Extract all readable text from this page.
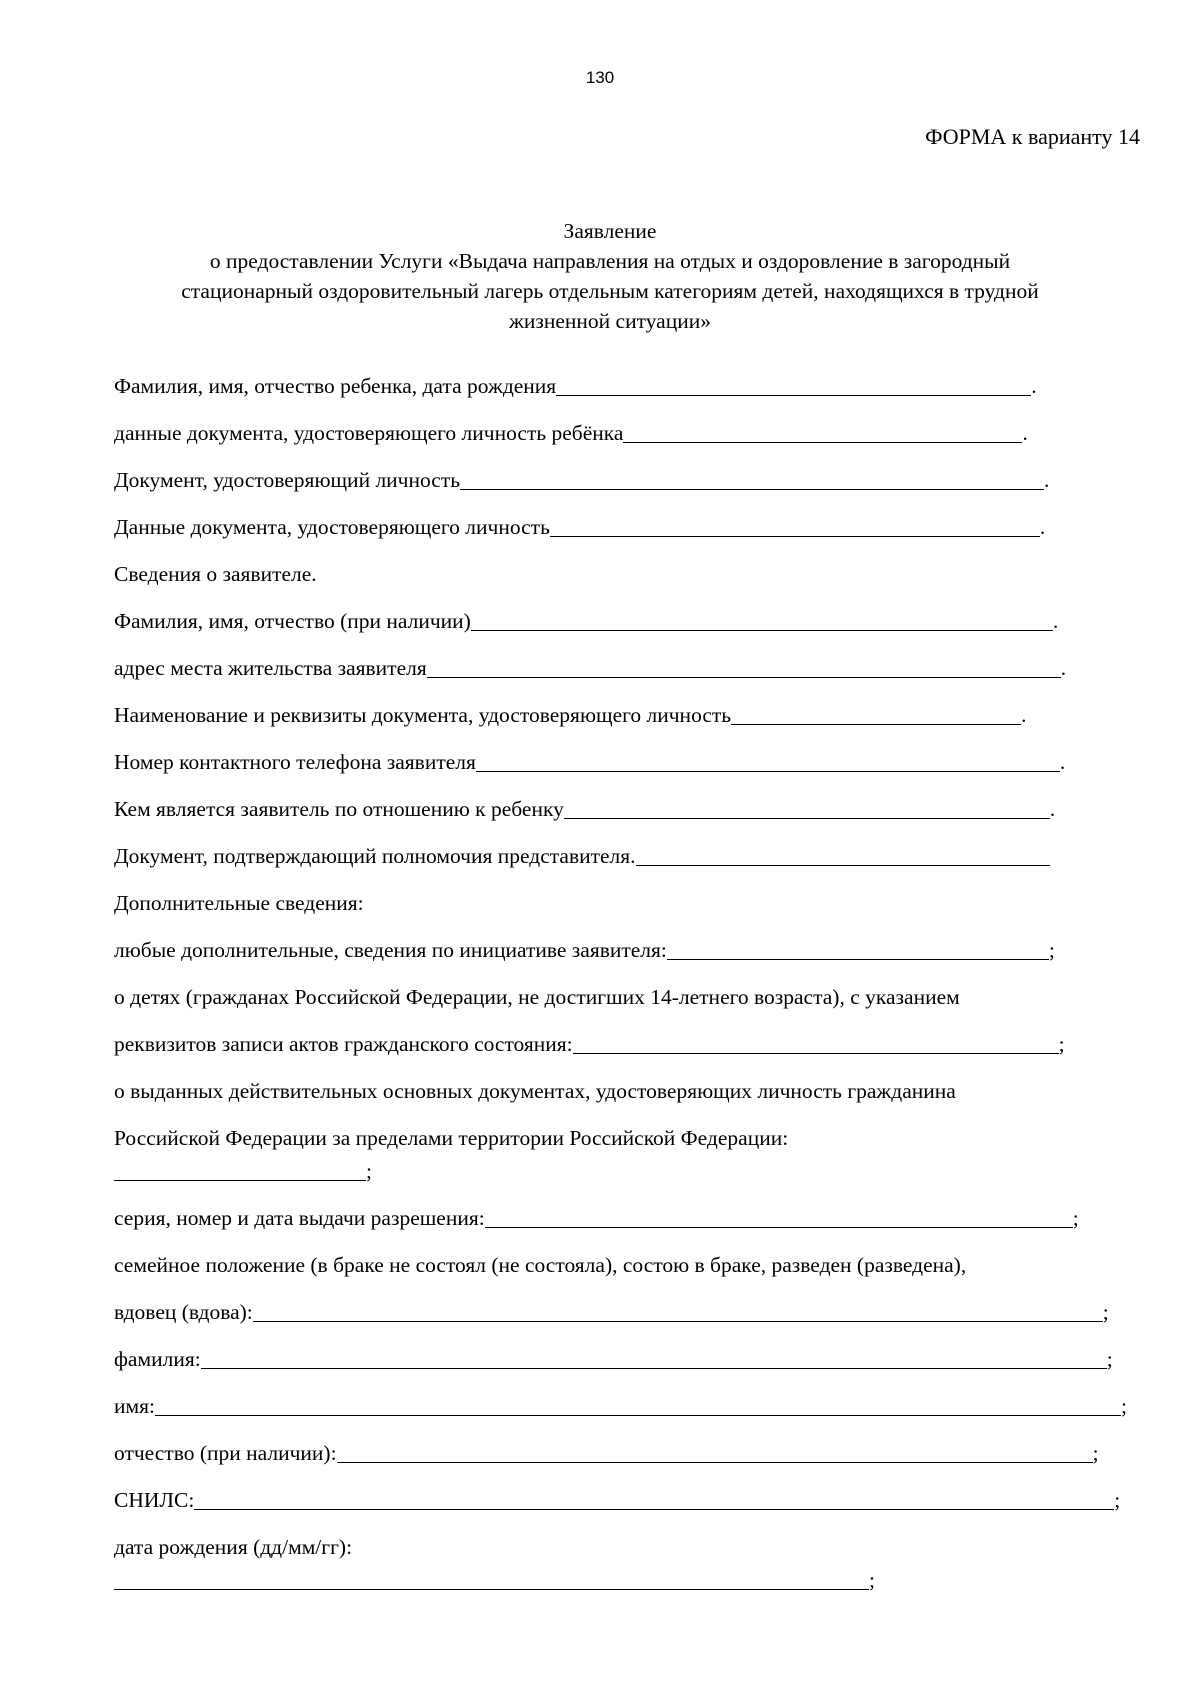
130
ФОРМА к варианту 14
Заявление
о предоставлении Услуги «Выдача направления на отдых и оздоровление в загородный
стационарный оздоровительный лагерь отдельным категориям детей, находящихся в трудной
жизненной ситуации»
Фамилия, имя, отчество ребенка, дата рождения	.
данные документа, удостоверяющего личность ребёнка	.
Документ, удостоверяющий личность	.
Данные документа, удостоверяющего личность	.
Сведения о заявителе.
Фамилия, имя, отчество (при наличии)	.
адрес места жительства заявителя	.
Наименование и реквизиты документа, удостоверяющего личность	.
Номер контактного телефона заявителя	.
Кем является заявитель по отношению к ребенку	.
Документ, подтверждающий полномочия представителя.
Дополнительные сведения:
любые дополнительные, сведения по инициативе заявителя:	;
о детях (гражданах Российской Федерации, не достигших 14-летнего возраста), с указанием
реквизитов записи актов гражданского состояния:	;
о выданных действительных основных документах, удостоверяющих личность гражданина
Российской Федерации за пределами территории Российской Федерации:
;
серия, номер и дата выдачи разрешения:	;
семейное положение (в браке не состоял (не состояла), состою в браке, разведен (разведена),
вдовец (вдова):	;
фамилия:	;
имя:	;
отчество (при наличии):	;
СНИЛС:	;
дата рождения (дд/мм/гг):
;
